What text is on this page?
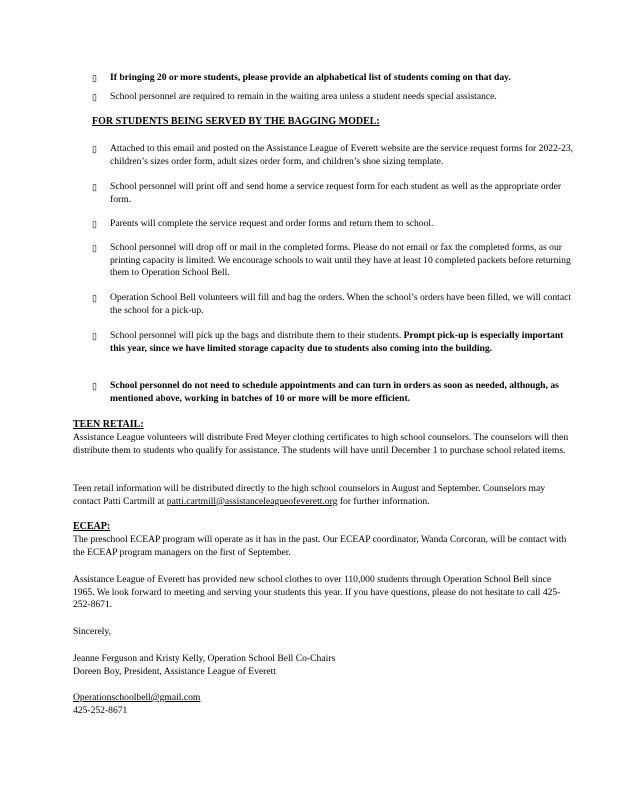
▯ If bringing 20 or more students, please provide an alphabetical list of students coming on that day.
▯ School personnel are required to remain in the waiting area unless a student needs special assistance.
FOR STUDENTS BEING SERVED BY THE BAGGING MODEL:
▯ Attached to this email and posted on the Assistance League of Everett website are the service request forms for 2022-23, children’s sizes order form, adult sizes order form, and children’s shoe sizing template.
▯ School personnel will print off and send home a service request form for each student as well as the appropriate order form.
▯ Parents will complete the service request and order forms and return them to school.
▯ School personnel will drop off or mail in the completed forms. Please do not email or fax the completed forms, as our printing capacity is limited. We encourage schools to wait until they have at least 10 completed packets before returning them to Operation School Bell.
▯ Operation School Bell volunteers will fill and bag the orders. When the school’s orders have been filled, we will contact the school for a pick-up.
▯ School personnel will pick up the bags and distribute them to their students. Prompt pick-up is especially important this year, since we have limited storage capacity due to students also coming into the building.
▯ School personnel do not need to schedule appointments and can turn in orders as soon as needed, although, as mentioned above, working in batches of 10 or more will be more efficient.
TEEN RETAIL:
Assistance League volunteers will distribute Fred Meyer clothing certificates to high school counselors. The counselors will then distribute them to students who qualify for assistance. The students will have until December 1 to purchase school related items.
Teen retail information will be distributed directly to the high school counselors in August and September. Counselors may contact Patti Cartmill at patti.cartmill@assistanceleagueofeverett.org for further information.
ECEAP:
The preschool ECEAP program will operate as it has in the past. Our ECEAP coordinator, Wanda Corcoran, will be contact with the ECEAP program managers on the first of September.
Assistance League of Everett has provided new school clothes to over 110,000 students through Operation School Bell since 1965. We look forward to meeting and serving your students this year. If you have questions, please do not hesitate to call 425-252-8671.
Sincerely,
Jeanne Ferguson and Kristy Kelly, Operation School Bell Co-Chairs
Doreen Boy, President, Assistance League of Everett
Operationschoolbell@gmail.com
425-252-8671
